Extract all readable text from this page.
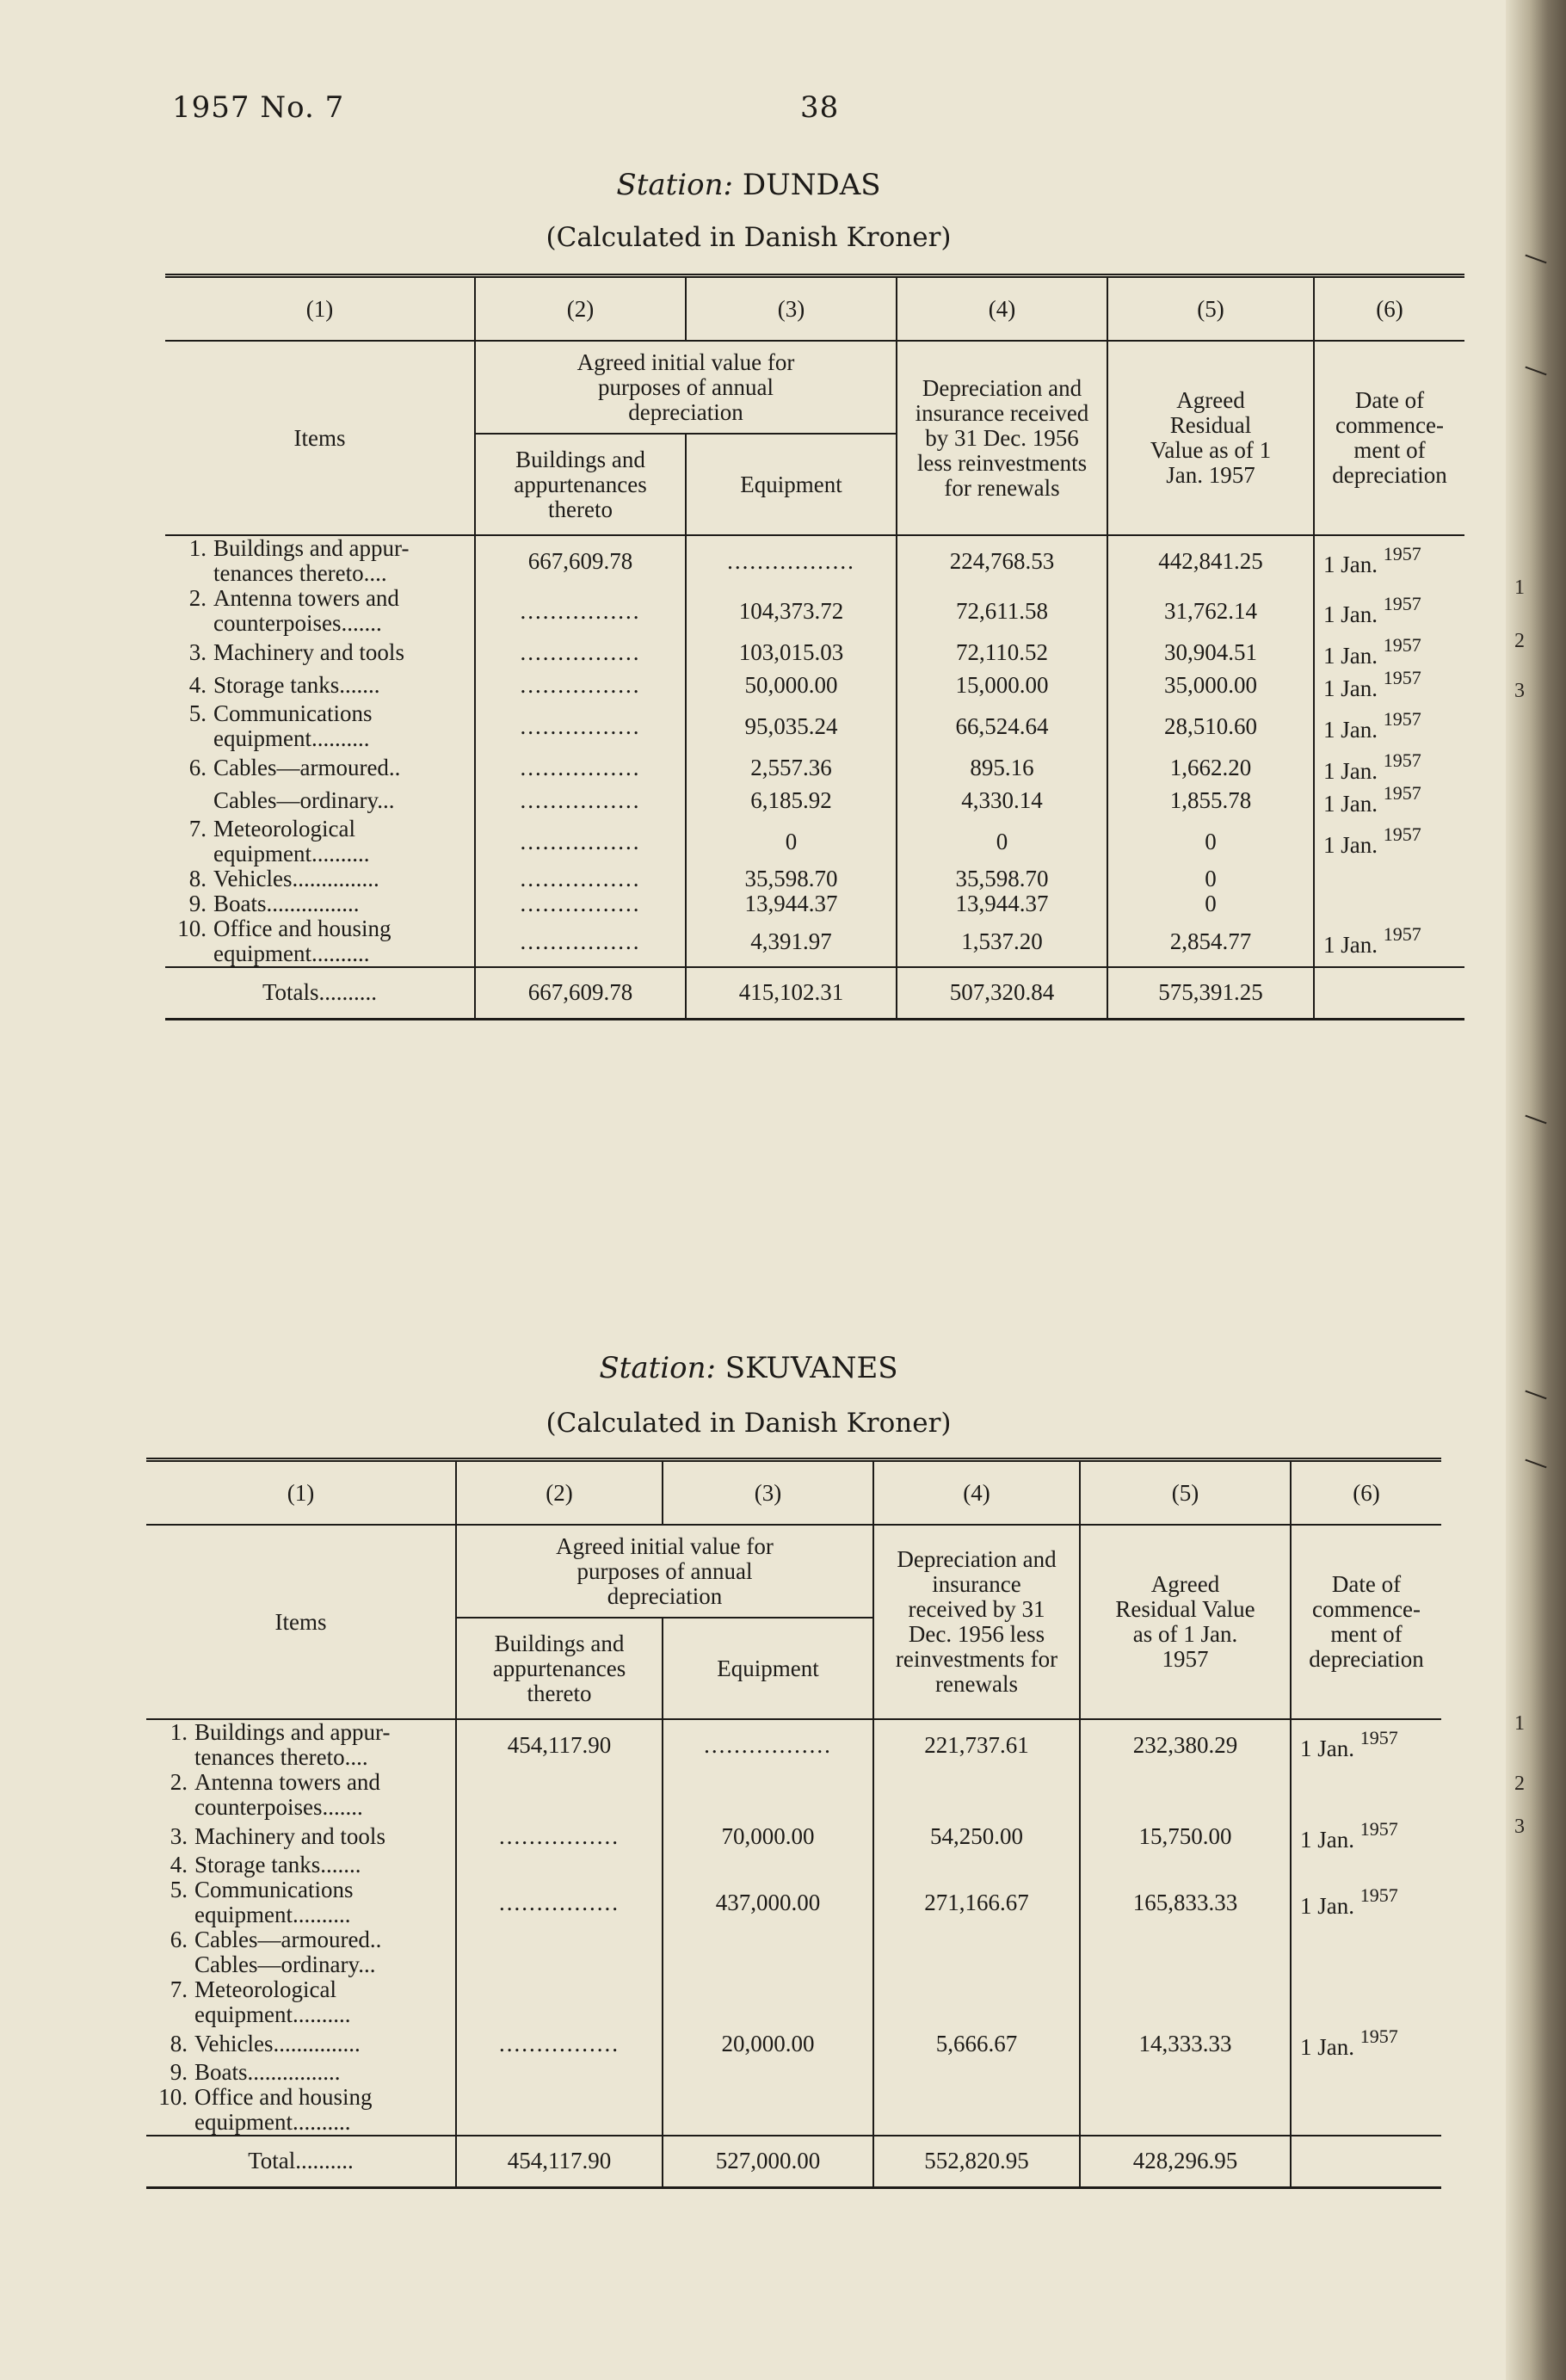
1
2
3
1
2
3
1957 No. 7	38
Station: DUNDAS
(Calculated in Danish Kroner)
(1)	(2)	(3)	(4)	(5)	(6)
Items	Agreed initial value for purposes of annual depreciation		Depreciation and insurance received by 31 Dec. 1956 less reinvestments for renewals	Agreed Residual Value as of 1 Jan. 1957	Date of commence- ment of depreciation
	Buildings and appurtenances thereto	Equipment			

1. Buildings and appur-
tenances thereto....	667,609.78	.................	224,768.53	442,841.25	1 Jan. $^{1957}$

2. Antenna towers and
counterpoises.......	................	104,373.72	72,611.58	31,762.14	1 Jan. $^{1957}$

3. Machinery and tools	................	103,015.03	72,110.52	30,904.51	1 Jan. $^{1957}$

4. Storage tanks.......	................	50,000.00	15,000.00	35,000.00	1 Jan. $^{1957}$

5. Communications
equipment..........	................	95,035.24	66,524.64	28,510.60	1 Jan. $^{1957}$

6. Cables—armoured..	................	2,557.36	895.16	1,662.20	1 Jan. $^{1957}$

Cables—ordinary...	................	6,185.92	4,330.14	1,855.78	1 Jan. $^{1957}$

7. Meteorological
equipment..........	................	0	0	0	1 Jan. $^{1957}$

8. Vehicles...............	................	35,598.70	35,598.70	0	

9. Boats................	................	13,944.37	13,944.37	0	

10. Office and housing
equipment..........	................	4,391.97	1,537.20	2,854.77	1 Jan. $^{1957}$
Totals..........	667,609.78	415,102.31	507,320.84	575,391.25	
Station: SKUVANES
(Calculated in Danish Kroner)
(1)	(2)	(3)	(4)	(5)	(6)
Items	Agreed initial value for purposes of annual depreciation		Depreciation and insurance received by 31 Dec. 1956 less reinvestments for renewals	Agreed Residual Value as of 1 Jan. 1957	Date of commence- ment of depreciation
	Buildings and appurtenances thereto	Equipment			

1. Buildings and appur-
tenances thereto....	454,117.90	.................	221,737.61	232,380.29	1 Jan. $^{1957}$

2. Antenna towers and
counterpoises.......					

3. Machinery and tools	................	70,000.00	54,250.00	15,750.00	1 Jan. $^{1957}$

4. Storage tanks.......					

5. Communications
equipment..........	................	437,000.00	271,166.67	165,833.33	1 Jan. $^{1957}$

6. Cables—armoured..					

Cables—ordinary...					

7. Meteorological
equipment..........					

8. Vehicles...............	................	20,000.00	5,666.67	14,333.33	1 Jan. $^{1957}$

9. Boats................					

10. Office and housing
equipment..........					

Total..........	454,117.90	527,000.00	552,820.95	428,296.95	
